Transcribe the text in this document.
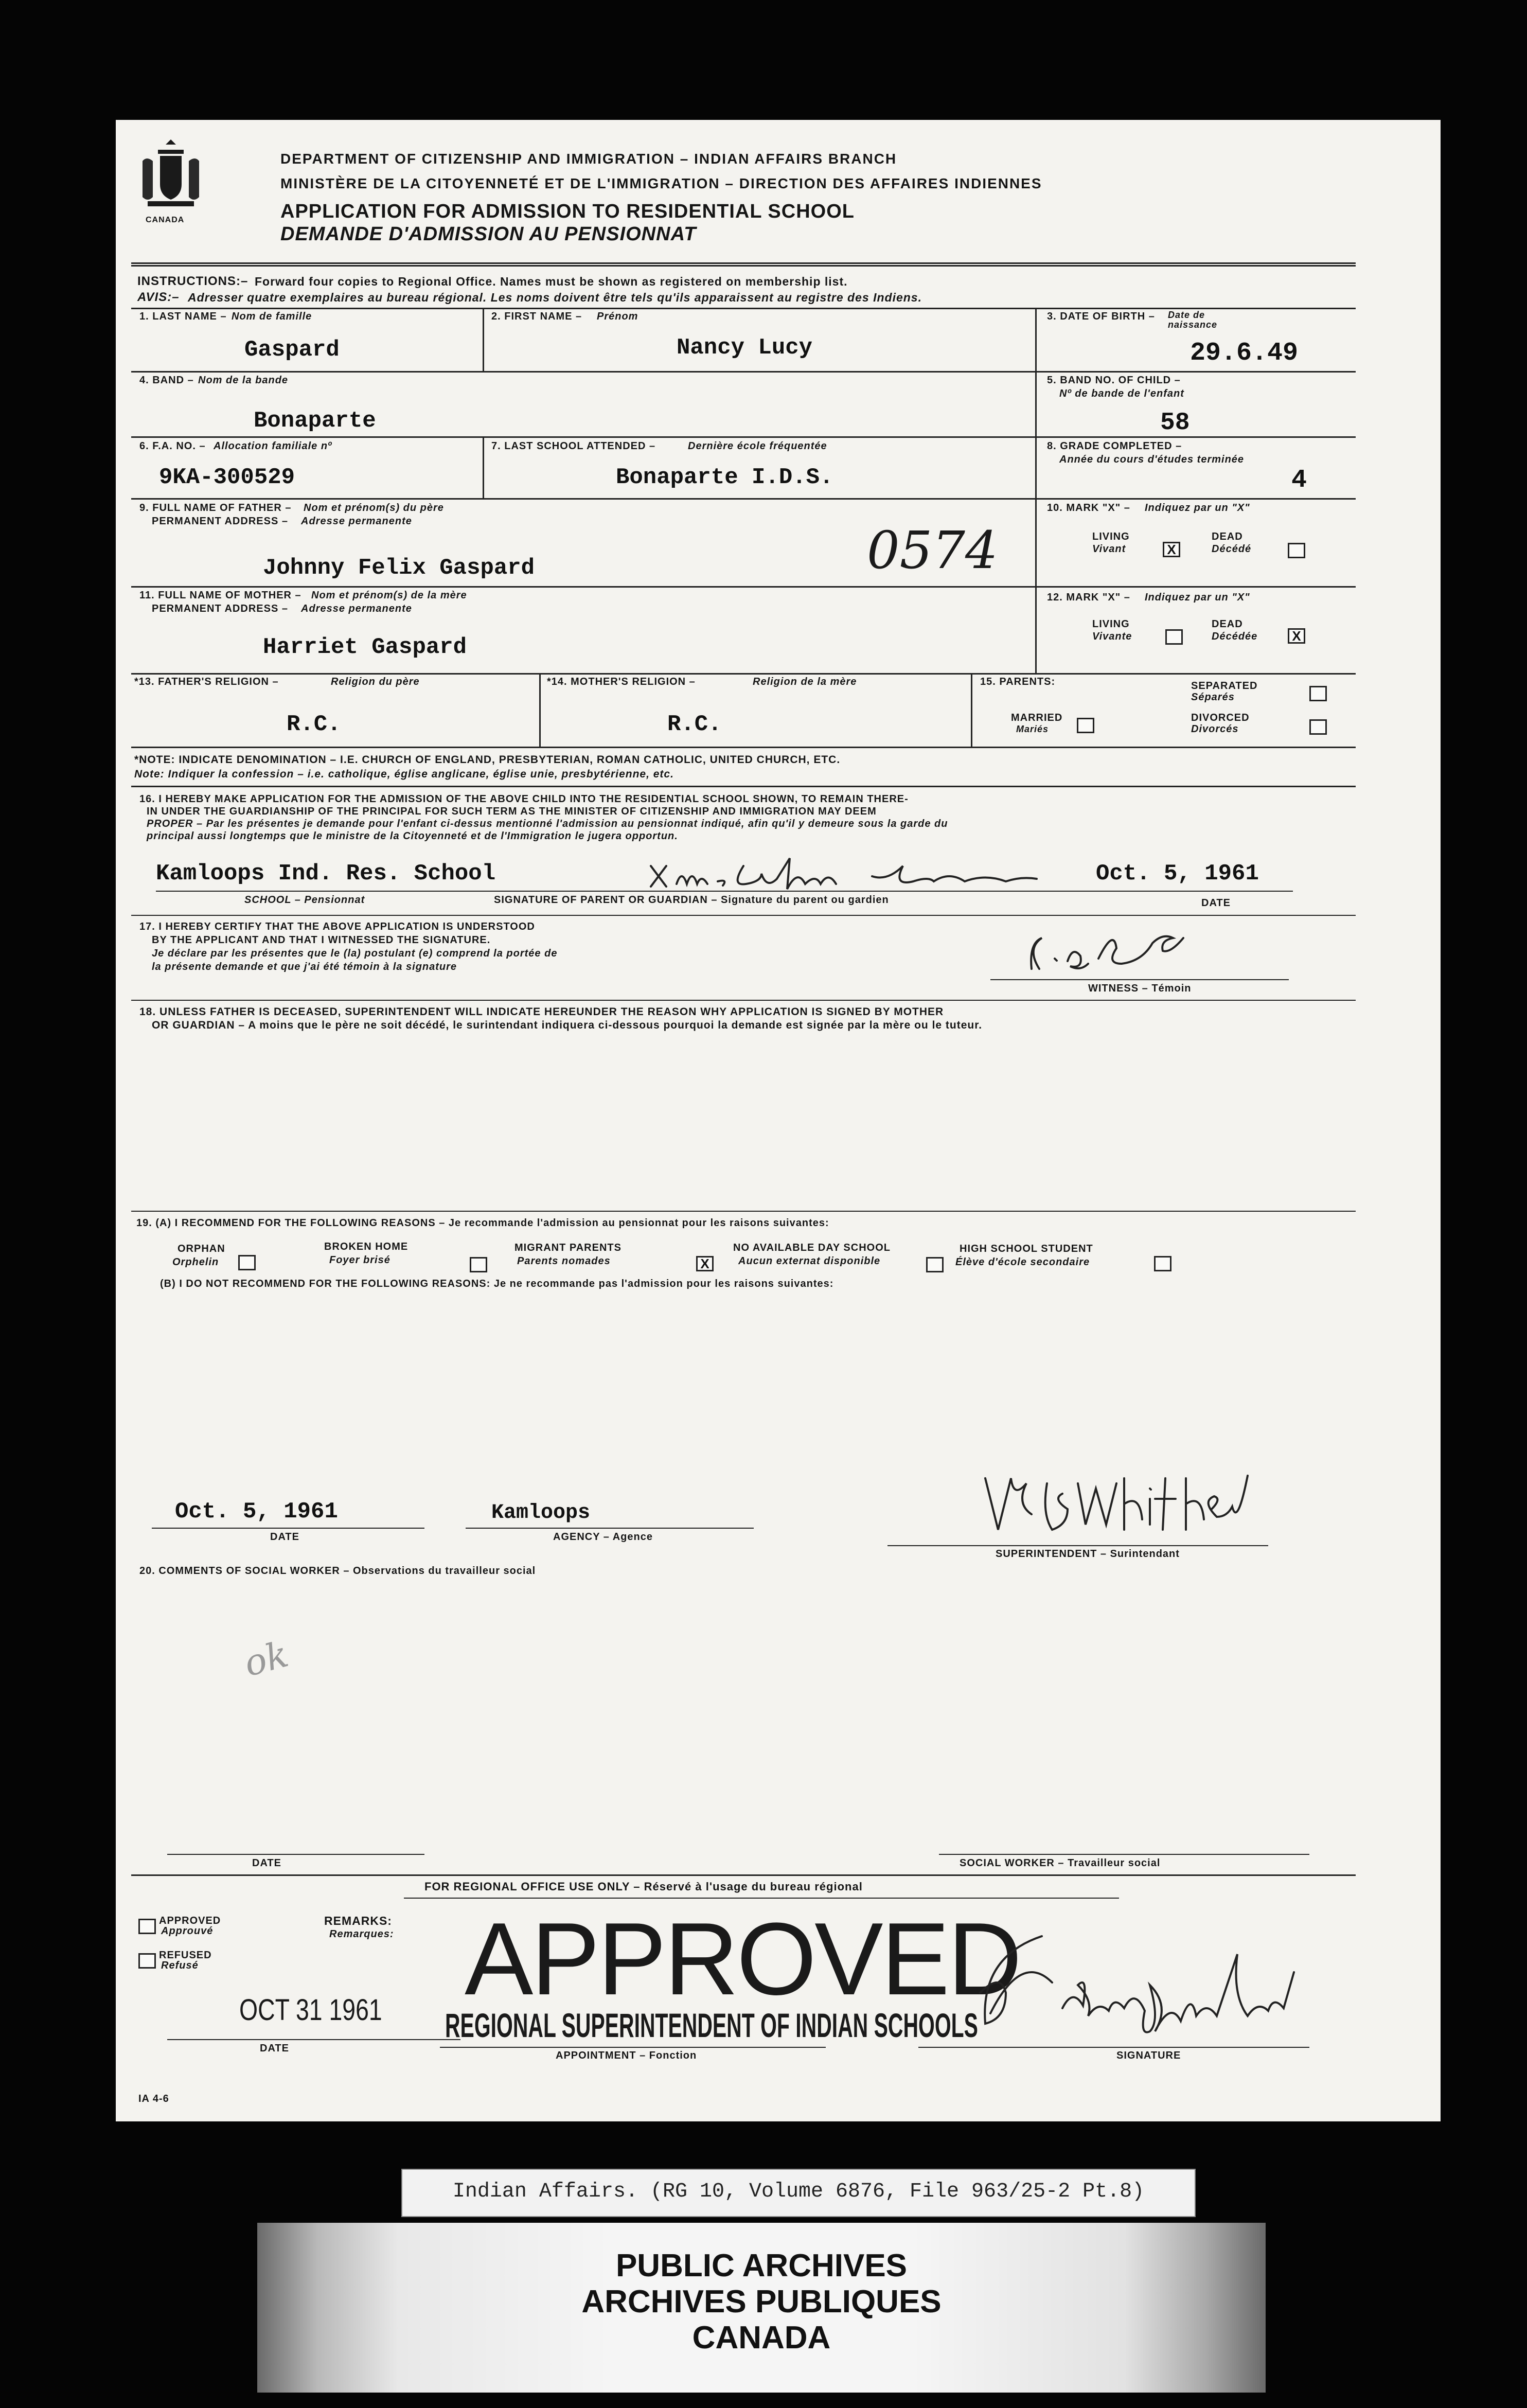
CANADA
DEPARTMENT OF CITIZENSHIP AND IMMIGRATION – INDIAN AFFAIRS BRANCH
MINISTÈRE DE LA CITOYENNETÉ ET DE L'IMMIGRATION – DIRECTION DES AFFAIRES INDIENNES
APPLICATION FOR ADMISSION TO RESIDENTIAL SCHOOL
DEMANDE D'ADMISSION AU PENSIONNAT
INSTRUCTIONS:– Forward four copies to Regional Office. Names must be shown as registered on membership list.
AVIS:– Adresser quatre exemplaires au bureau régional. Les noms doivent être tels qu'ils apparaissent au registre des Indiens.
1. LAST NAME – Nom de famille
Gaspard
2. FIRST NAME – Prénom
Nancy Lucy
3. DATE OF BIRTH – Date de naissance
29.6.49
4. BAND – Nom de la bande
Bonaparte
5. BAND NO. OF CHILD –
Nº de bande de l'enfant
58
6. F.A. NO. – Allocation familiale nº
9KA-300529
7. LAST SCHOOL ATTENDED –	Dernière école fréquentée
Bonaparte I.D.S.
8. GRADE COMPLETED –
Année du cours d'études terminée
4
9. FULL NAME OF FATHER – Nom et prénom(s) du père
PERMANENT ADDRESS – Adresse permanente
Johnny Felix Gaspard	0574
10. MARK "X" – Indiquez par un "X"
LIVING
Vivant	X
DEAD
Décédé
11. FULL NAME OF MOTHER – Nom et prénom(s) de la mère
PERMANENT ADDRESS – Adresse permanente
Harriet Gaspard
12. MARK "X" – Indiquez par un "X"
LIVING
Vivante
DEAD
Décédée	X
*13. FATHER'S RELIGION –	Religion du père
R.C.
*14. MOTHER'S RELIGION –	Religion de la mère
R.C.
15. PARENTS:
MARRIED
Mariés
SEPARATED
Séparés
DIVORCED
Divorcés
*NOTE: INDICATE DENOMINATION – I.E. CHURCH OF ENGLAND, PRESBYTERIAN, ROMAN CATHOLIC, UNITED CHURCH, ETC.
Note: Indiquer la confession – i.e. catholique, église anglicane, église unie, presbytérienne, etc.
16. I HEREBY MAKE APPLICATION FOR THE ADMISSION OF THE ABOVE CHILD INTO THE RESIDENTIAL SCHOOL SHOWN, TO REMAIN THERE-
IN UNDER THE GUARDIANSHIP OF THE PRINCIPAL FOR SUCH TERM AS THE MINISTER OF CITIZENSHIP AND IMMIGRATION MAY DEEM
PROPER – Par les présentes je demande pour l'enfant ci-dessus mentionné l'admission au pensionnat indiqué, afin qu'il y demeure sous la garde du
principal aussi longtemps que le ministre de la Citoyenneté et de l'Immigration le jugera opportun.
Kamloops Ind. Res. School	Oct. 5, 1961
SCHOOL – Pensionnat	SIGNATURE OF PARENT OR GUARDIAN – Signature du parent ou gardien	DATE
17. I HEREBY CERTIFY THAT THE ABOVE APPLICATION IS UNDERSTOOD
BY THE APPLICANT AND THAT I WITNESSED THE SIGNATURE.
Je déclare par les présentes que le (la) postulant (e) comprend la portée de
la présente demande et que j'ai été témoin à la signature
WITNESS – Témoin
18. UNLESS FATHER IS DECEASED, SUPERINTENDENT WILL INDICATE HEREUNDER THE REASON WHY APPLICATION IS SIGNED BY MOTHER
OR GUARDIAN – A moins que le père ne soit décédé, le surintendant indiquera ci-dessous pourquoi la demande est signée par la mère ou le tuteur.
19. (A) I RECOMMEND FOR THE FOLLOWING REASONS – Je recommande l'admission au pensionnat pour les raisons suivantes:
ORPHAN
Orphelin
BROKEN HOME
Foyer brisé
MIGRANT PARENTS
Parents nomades	X
NO AVAILABLE DAY SCHOOL
Aucun externat disponible
HIGH SCHOOL STUDENT
Élève d'école secondaire
(B) I DO NOT RECOMMEND FOR THE FOLLOWING REASONS: Je ne recommande pas l'admission pour les raisons suivantes:
Oct. 5, 1961
DATE
Kamloops
AGENCY – Agence
SUPERINTENDENT – Surintendant
20. COMMENTS OF SOCIAL WORKER – Observations du travailleur social
ok
DATE	SOCIAL WORKER – Travailleur social
FOR REGIONAL OFFICE USE ONLY – Réservé à l'usage du bureau régional
APPROVED
Approuvé
REFUSED
Refusé
REMARKS:
Remarques: APPROVED
OCT 31 1961
DATE
REGIONAL SUPERINTENDENT OF INDIAN SCHOOLS
APPOINTMENT – Fonction	SIGNATURE
IA 4-6
Indian Affairs. (RG 10, Volume 6876, File 963/25-2 Pt.8)
PUBLIC ARCHIVES
ARCHIVES PUBLIQUES
CANADA
